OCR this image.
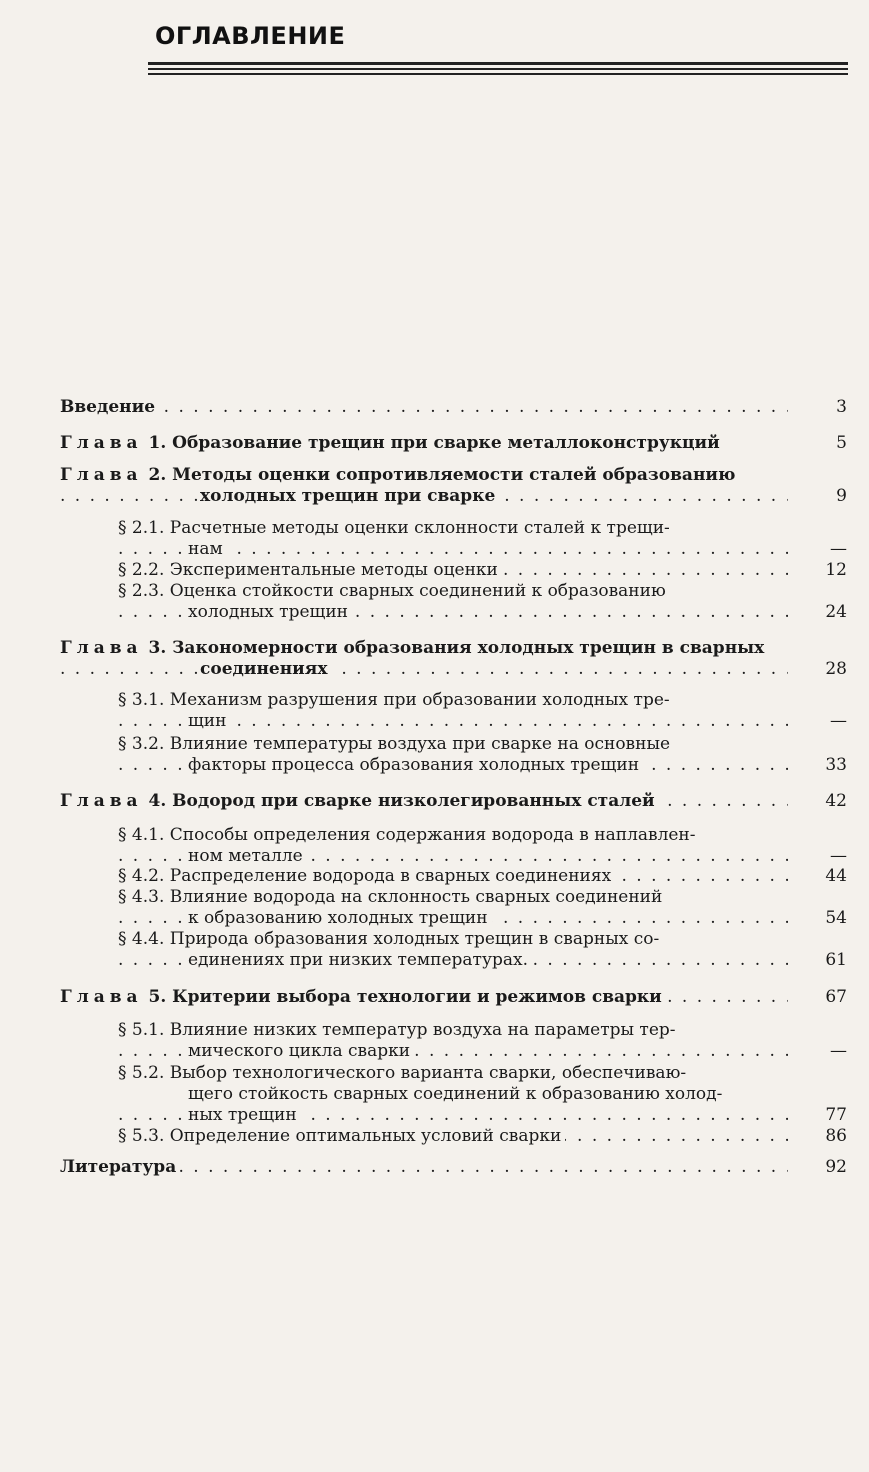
ОГЛАВЛЕНИЕ
Введение . . .	3
Глава 1. Образование трещин при сварке металлоконструкций	5
Глава 2. Методы оценки сопротивляемости сталей образованию
холодных трещин при сварке . . .	9
§ 2.1. Расчетные методы оценки склонности сталей к трещи-
нам . . .	—
§ 2.2. Экспериментальные методы оценки . . .	12
§ 2.3. Оценка стойкости сварных соединений к образованию
холодных трещин . . .	24
Глава 3. Закономерности образования холодных трещин в сварных
соединениях . . .	28
§ 3.1. Механизм разрушения при образовании холодных тре-
щин . . .	—
§ 3.2. Влияние температуры воздуха при сварке на основные
факторы процесса образования холодных трещин . . .	33
Глава 4. Водород при сварке низколегированных сталей . . .	42
§ 4.1. Способы определения содержания водорода в наплавлен-
ном металле . . .	—
§ 4.2. Распределение водорода в сварных соединениях . . .	44
§ 4.3. Влияние водорода на склонность сварных соединений
к образованию холодных трещин . . .	54
§ 4.4. Природа образования холодных трещин в сварных со-
единениях при низких температурах. . . .	61
Глава 5. Критерии выбора технологии и режимов сварки . . .	67
§ 5.1. Влияние низких температур воздуха на параметры тер-
мического цикла сварки . . .	—
§ 5.2. Выбор технологического варианта сварки, обеспечиваю-
щего стойкость сварных соединений к образованию холод-
ных трещин . . .	77
§ 5.3. Определение оптимальных условий сварки . . .	86
Литература . . .	92
